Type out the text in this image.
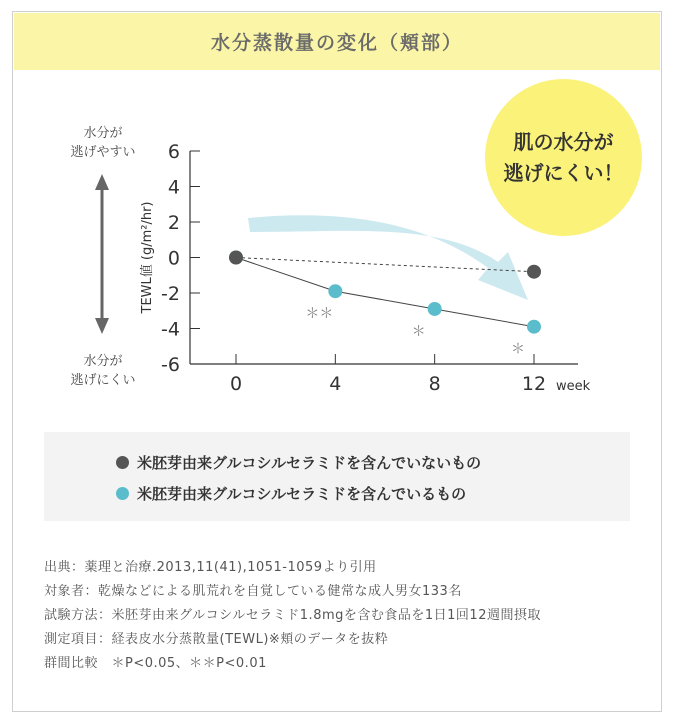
水分蒸散量の変化（頬部）
6
4
2
0
-2
-4
-6
0	4	8	12 week
TEWL値 (g/m²/hr)
＊＊
＊
＊
水分が
逃げやすい
水分が
逃げにくい
肌の水分が
逃げにくい！
米胚芽由来グルコシルセラミドを含んでいないもの
米胚芽由来グルコシルセラミドを含んでいるもの
出典：薬理と治療.2013,11(41),1051-1059より引用
対象者：乾燥などによる肌荒れを自覚している健常な成人男女133名
試験方法：米胚芽由来グルコシルセラミド1.8mgを含む食品を1日1回12週間摂取
測定項目：経表皮水分蒸散量(TEWL)※頬のデータを抜粋
群間比較　＊P<0.05、＊＊P<0.01
